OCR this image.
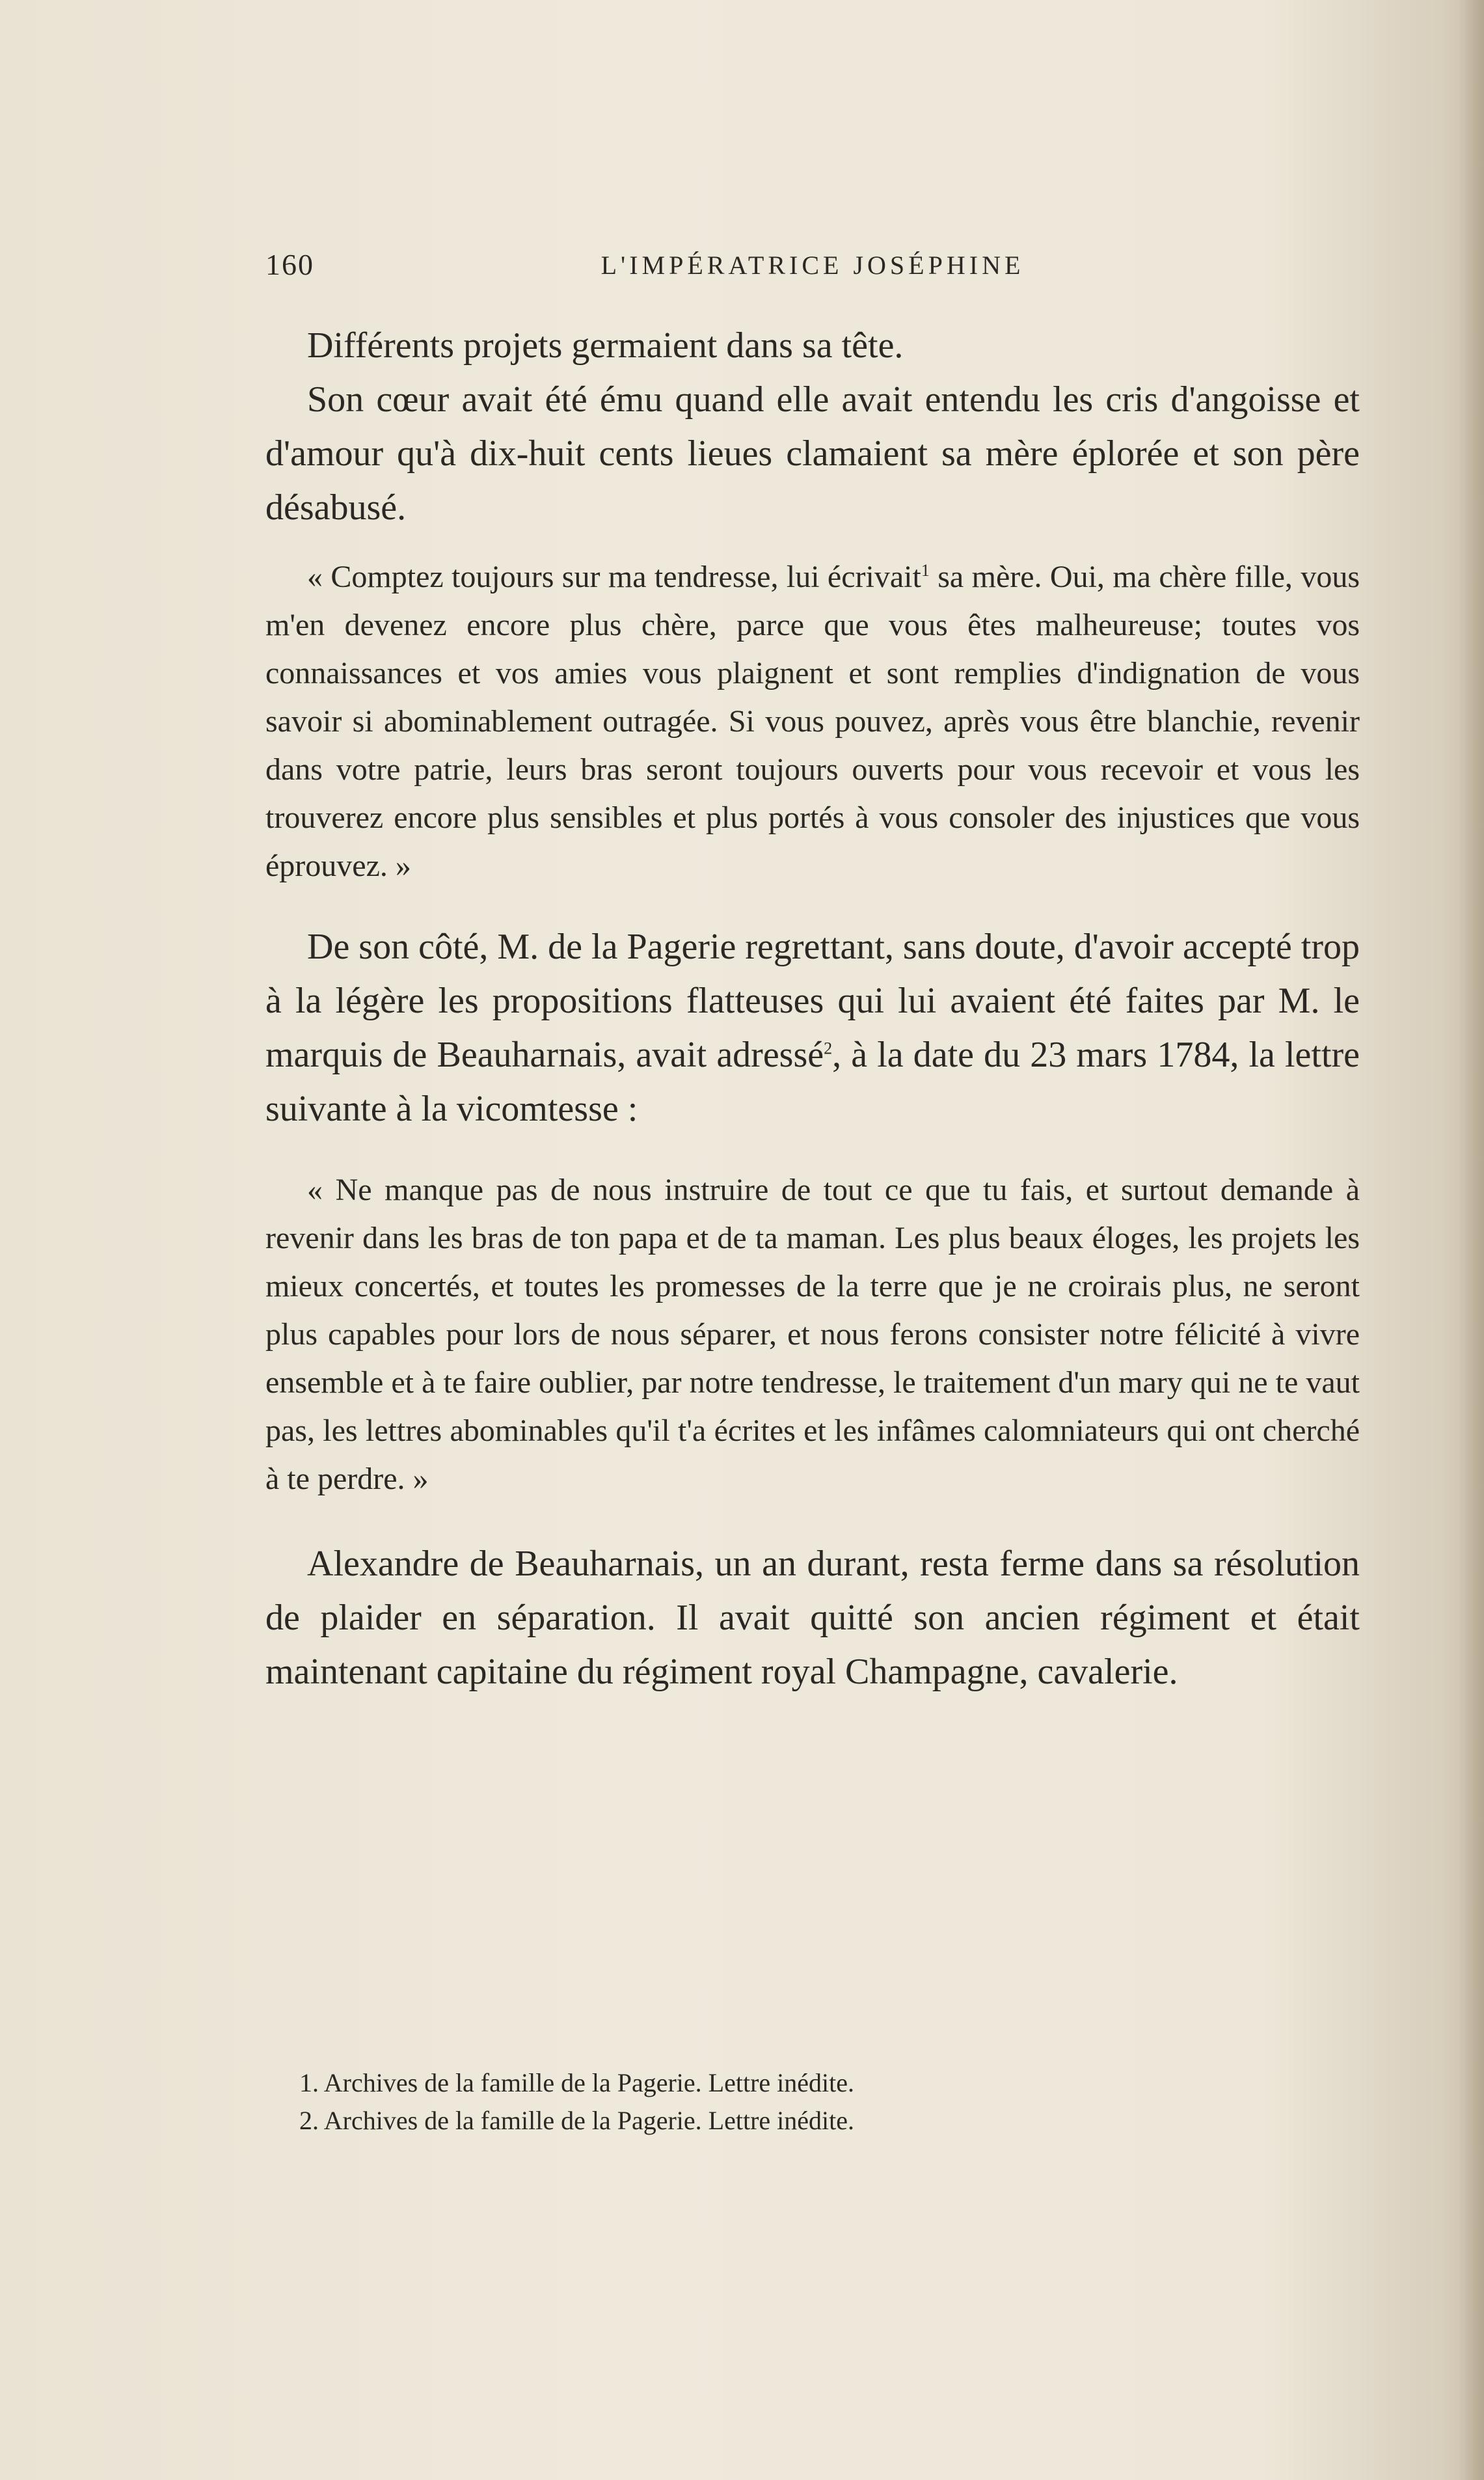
160	L'IMPÉRATRICE JOSÉPHINE

Différents projets germaient dans sa tête.

Son cœur avait été ému quand elle avait entendu les cris d'angoisse et d'amour qu'à dix-huit cents lieues clamaient sa mère éplorée et son père désabusé.

« Comptez toujours sur ma tendresse, lui écrivait$^1$ sa mère. Oui, ma chère fille, vous m'en devenez encore plus chère, parce que vous êtes malheureuse; toutes vos connaissances et vos amies vous plaignent et sont remplies d'indignation de vous savoir si abominablement outragée. Si vous pouvez, après vous être blanchie, revenir dans votre patrie, leurs bras seront toujours ouverts pour vous recevoir et vous les trouverez encore plus sensibles et plus portés à vous consoler des injustices que vous éprouvez. »

De son côté, M. de la Pagerie regrettant, sans doute, d'avoir accepté trop à la légère les propositions flatteuses qui lui avaient été faites par M. le marquis de Beauharnais, avait adressé$^2$, à la date du 23 mars 1784, la lettre suivante à la vicomtesse :

« Ne manque pas de nous instruire de tout ce que tu fais, et surtout demande à revenir dans les bras de ton papa et de ta maman. Les plus beaux éloges, les projets les mieux concertés, et toutes les promesses de la terre que je ne croirais plus, ne seront plus capables pour lors de nous séparer, et nous ferons consister notre félicité à vivre ensemble et à te faire oublier, par notre tendresse, le traitement d'un mary qui ne te vaut pas, les lettres abominables qu'il t'a écrites et les infâmes calomniateurs qui ont cherché à te perdre. »

Alexandre de Beauharnais, un an durant, resta ferme dans sa résolution de plaider en séparation. Il avait quitté son ancien régiment et était maintenant capitaine du régiment royal Champagne, cavalerie.

1. Archives de la famille de la Pagerie. Lettre inédite.

2. Archives de la famille de la Pagerie. Lettre inédite.
